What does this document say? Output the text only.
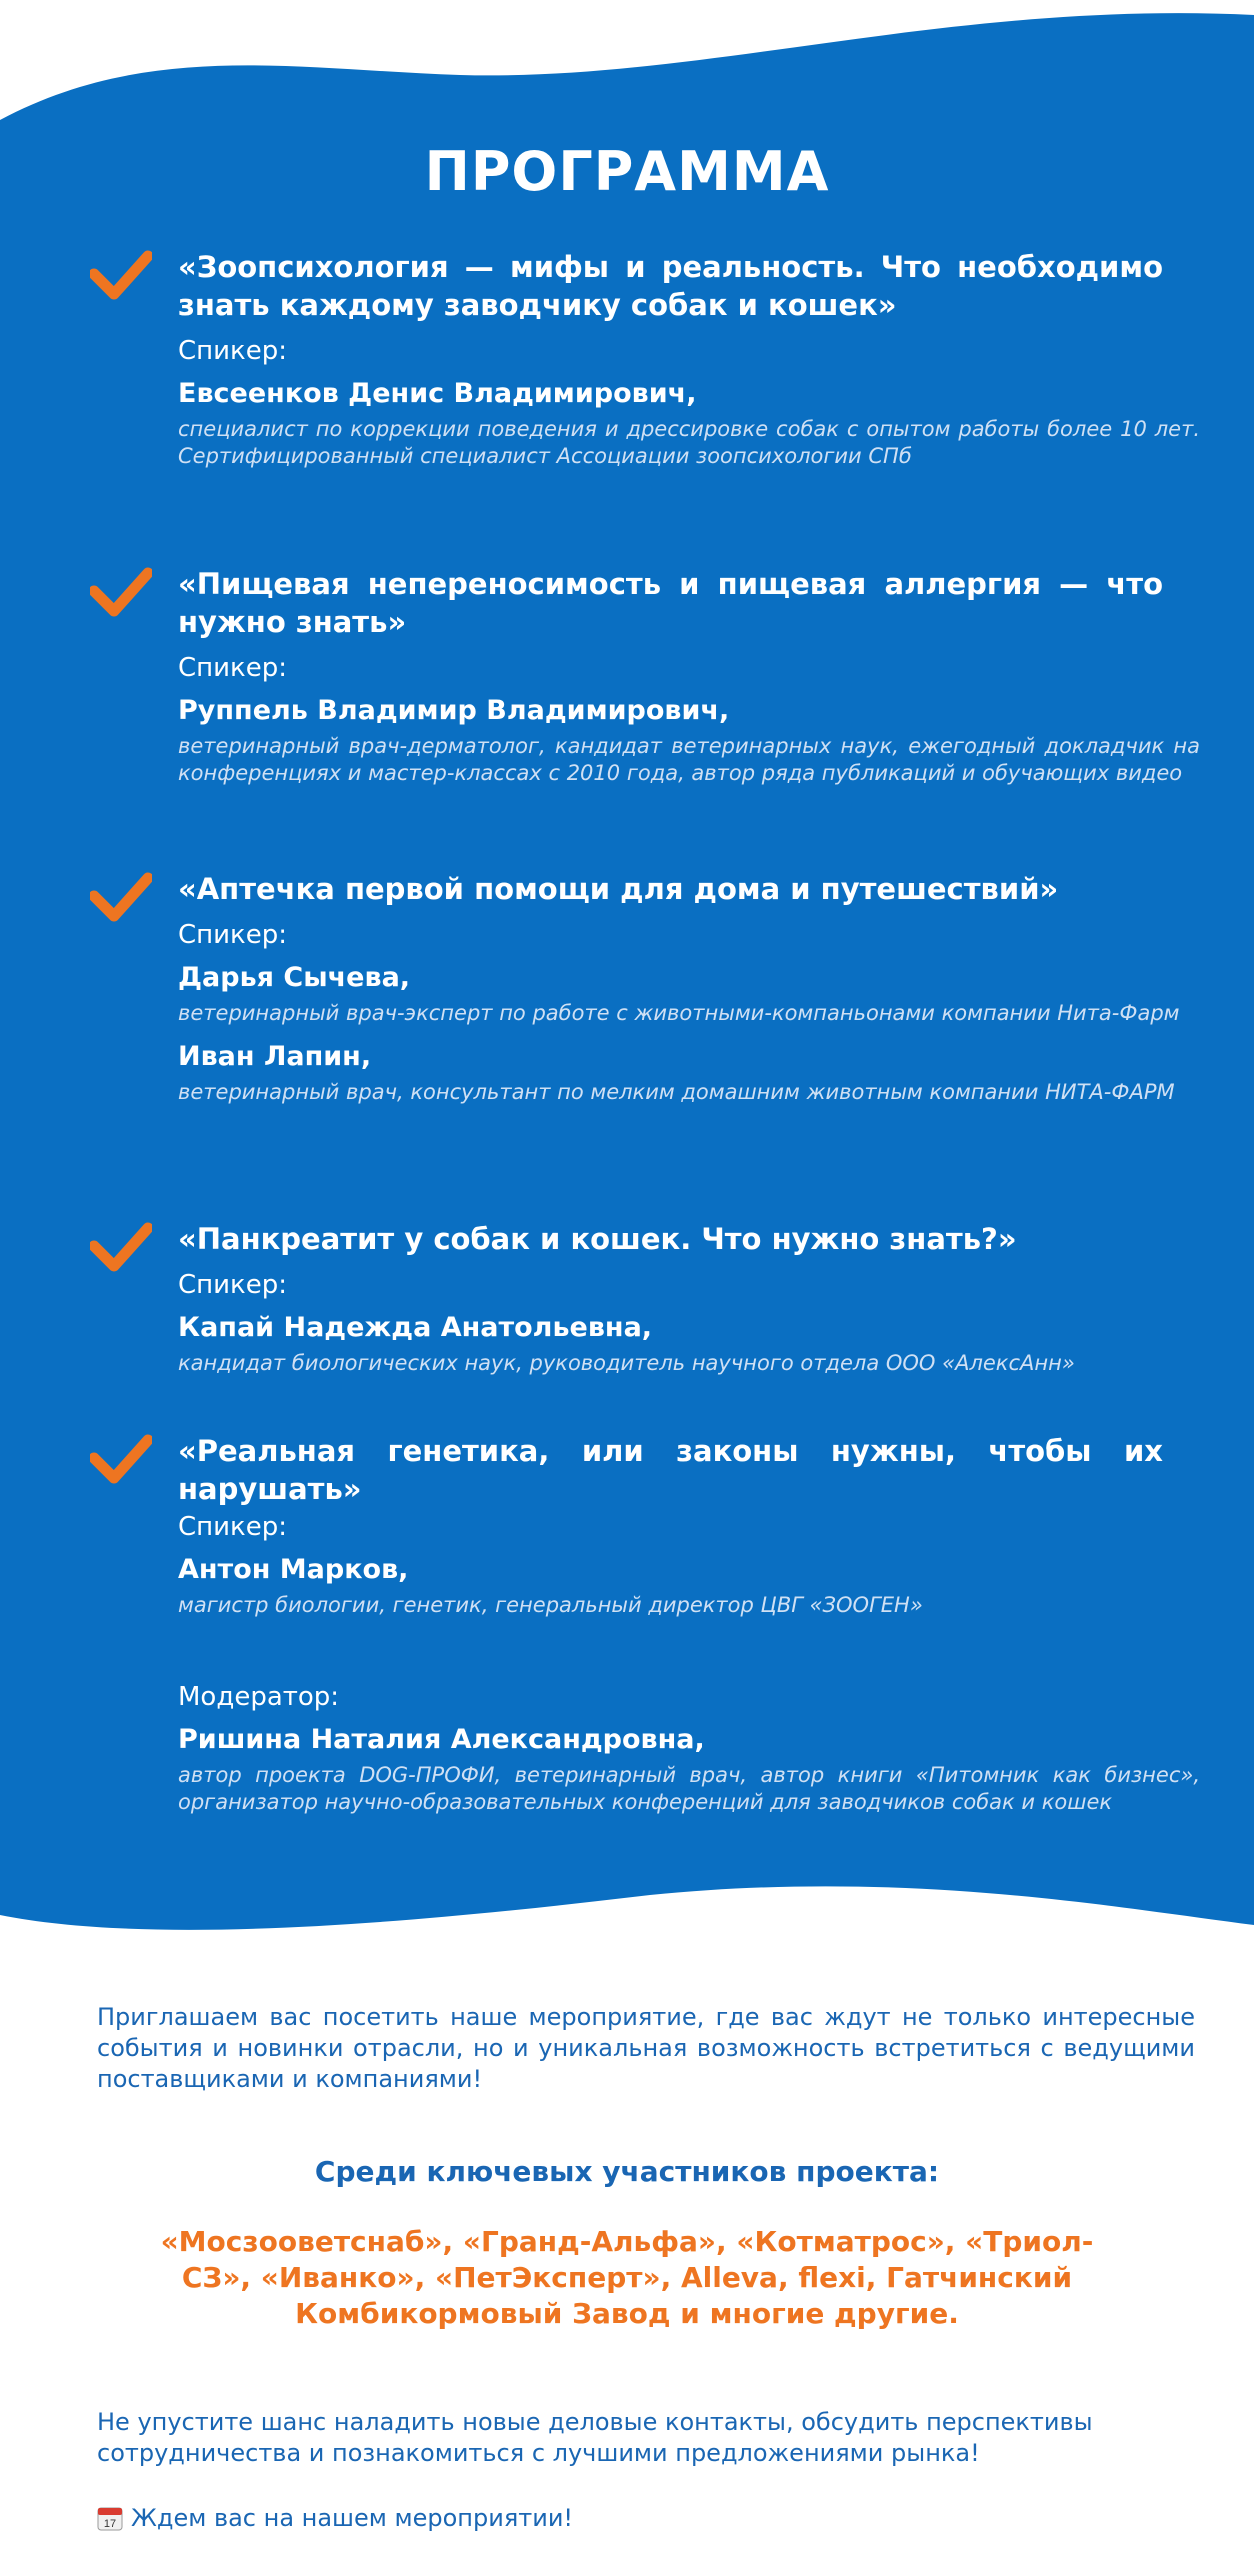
ПРОГРАММА

«Зоопсихология — мифы и реальность. Что необходимо знать каждому заводчику собак и кошек»

Спикер:
Евсеенков Денис Владимирович,
специалист по коррекции поведения и дрессировке собак с опытом работы более 10 лет. Сертифицированный специалист Ассоциации зоопсихологии СПб

«Пищевая непереносимость и пищевая аллергия — что нужно знать»

Спикер:
Руппель Владимир Владимирович,
ветеринарный врач-дерматолог, кандидат ветеринарных наук, ежегодный докладчик на конференциях и мастер-классах с 2010 года, автор ряда публикаций и обучающих видео

«Аптечка первой помощи для дома и путешествий»

Спикер:
Дарья Сычева,
ветеринарный врач-эксперт по работе с животными-компаньонами компании Нита-Фарм
Иван Лапин,
ветеринарный врач, консультант по мелким домашним животным компании НИТА-ФАРМ

«Панкреатит у собак и кошек. Что нужно знать?»

Спикер:
Капай Надежда Анатольевна,
кандидат биологических наук, руководитель научного отдела ООО «АлексАнн»

«Реальная генетика, или законы нужны, чтобы их нарушать»

Спикер:
Антон Марков,
магистр биологии, генетик, генеральный директор ЦВГ «ЗООГЕН»
Модератор:
Ришина Наталия Александровна,
автор проекта DOG-ПРОФИ, ветеринарный врач, автор книги «Питомник как бизнес», организатор научно-образовательных конференций для заводчиков собак и кошек
Приглашаем вас посетить наше мероприятие, где вас ждут не только интересные события и новинки отрасли, но и уникальная возможность встретиться с ведущими поставщиками и компаниями!
Среди ключевых участников проекта:
«Мосзооветснаб», «Гранд-Альфа», «Котматрос», «Триол-СЗ», «Иванко», «ПетЭксперт», Alleva, flexi, Гатчинский Комбикормовый Завод и многие другие.
Не упустите шанс наладить новые деловые контакты, обсудить перспективы сотрудничества и познакомиться с лучшими предложениями рынка!
17 Ждем вас на нашем мероприятии!
